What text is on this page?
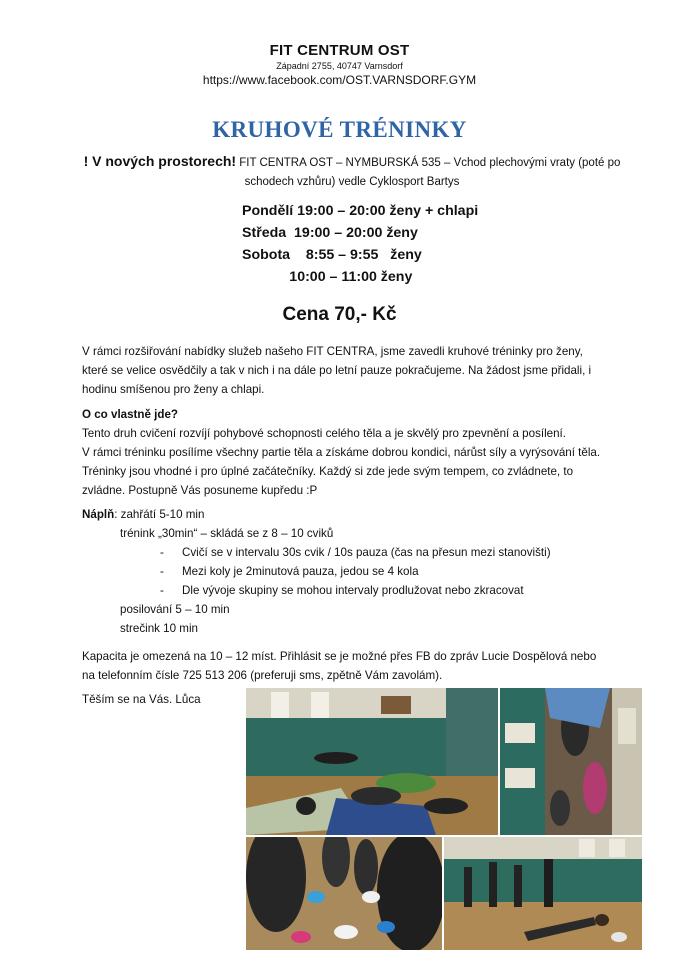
FIT CENTRUM OST
Západní 2755, 40747 Varnsdorf
https://www.facebook.com/OST.VARNSDORF.GYM
KRUHOVÉ TRÉNINKY
! V nových prostorech! FIT CENTRA OST – NYMBURSKÁ 535 – Vchod plechovými vraty (poté po schodech vzhůru) vedle Cyklosport Bartys
Pondělí 19:00 – 20:00 ženy + chlapi
Středa  19:00 – 20:00 ženy
Sobota    8:55 – 9:55   ženy
10:00 – 11:00 ženy
Cena 70,- Kč
V rámci rozšiřování nabídky služeb našeho FIT CENTRA, jsme zavedli kruhové tréninky pro ženy, které se velice osvědčily a tak v nich i na dále po letní pauze pokračujeme. Na žádost jsme přidali, i hodinu smíšenou pro ženy a chlapi.

O co vlastně jde?

Tento druh cvičení rozvíjí pohybové schopnosti celého těla a je skvělý pro zpevnění a posílení.

V rámci tréninku posílíme všechny partie těla a získáme dobrou kondici, nárůst síly a vyrýsování těla.

Tréninky jsou vhodné i pro úplné začátečníky. Každý si zde jede svým tempem, co zvládnete, to zvládne. Postupně Vás posuneme kupředu :P

Náplň: zahřátí 5-10 min
trénink „30min“ – skládá se z 8 – 10 cviků
- Cvičí se v intervalu 30s cvik / 10s pauza (čas na přesun mezi stanovišti)
- Mezi koly je 2minutová pauza, jedou se 4 kola
- Dle vývoje skupiny se mohou intervaly prodlužovat nebo zkracovat
posilování 5 – 10 min
strečink 10 min
Kapacita je omezená na 10 – 12 míst. Přihlásit se je možné přes FB do zpráv Lucie Dospělová nebo na telefonním čísle 725 513 206 (preferuji sms, zpětně Vám zavolám).
Těším se na Vás. Lůca
